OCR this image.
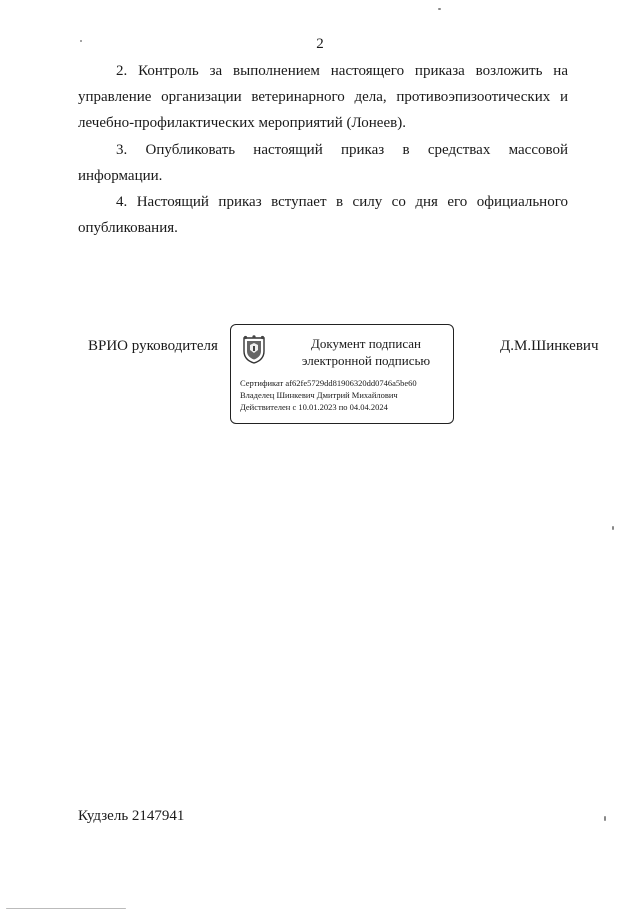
2
2. Контроль за выполнением настоящего приказа возложить на
управление организации ветеринарного дела, противоэпизоотических и
лечебно-профилактических мероприятий (Лонеев).
3. Опубликовать настоящий приказ в средствах массовой
информации.
4. Настоящий приказ вступает в силу со дня его официального
опубликования.
ВРИО руководителя	Документ подписан
электронной подписью
Сертификат af62fe5729dd81906320dd0746a5be60
Владелец Шинкевич Дмитрий Михайлович
Действителен с 10.01.2023 по 04.04.2024
Д.М.Шинкевич
Кудзель 2147941
